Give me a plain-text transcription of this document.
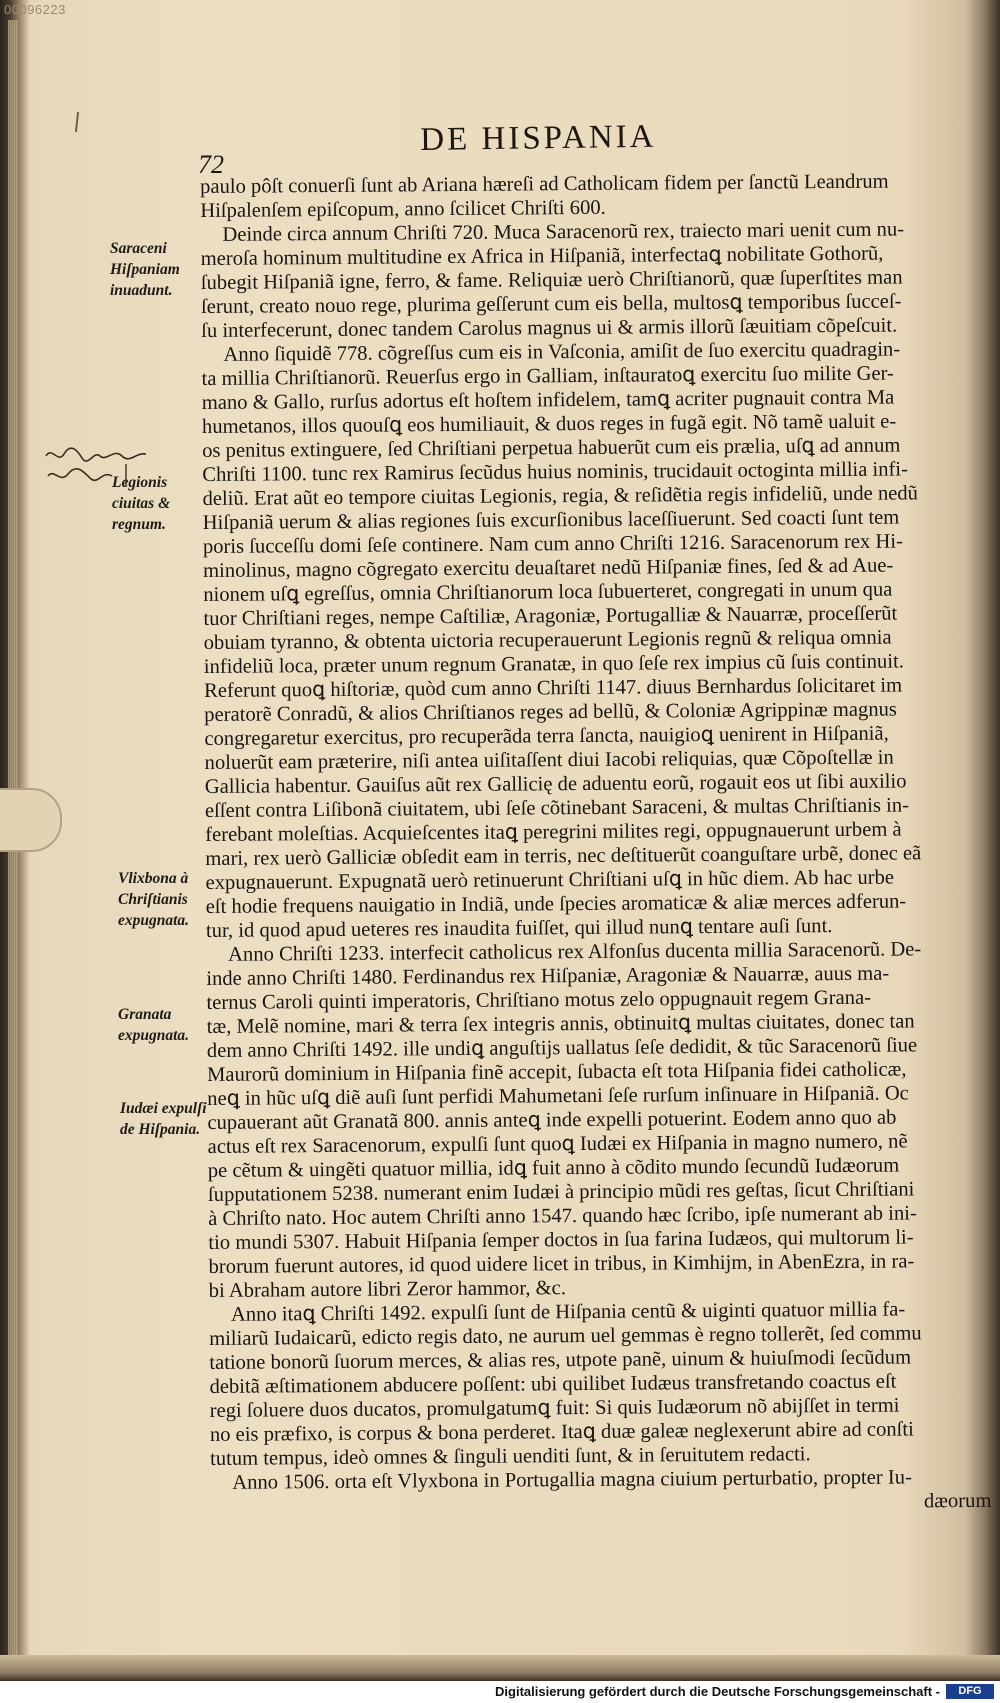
00096223
DE HISPANIA
72
paulo pôſt conuerſi ſunt ab Ariana hæreſi ad Catholicam fidem per ſanctũ Leandrum
Hiſpalenſem epiſcopum, anno ſcilicet Chriſti 600.
Deinde circa annum Chriſti 720. Muca Saracenorũ rex, traiecto mari uenit cum nu-
meroſa hominum multitudine ex Africa in Hiſpaniã, interfectaꝗ nobilitate Gothorũ,
ſubegit Hiſpaniã igne, ferro, & fame. Reliquiæ uerò Chriſtianorũ, quæ ſuperſtites man
ſerunt, creato nouo rege, plurima geſſerunt cum eis bella, multosꝗ temporibus ſucceſ-
ſu interfecerunt, donec tandem Carolus magnus ui & armis illorũ ſæuitiam cõpeſcuit.
Anno ſiquidẽ 778. cõgreſſus cum eis in Vaſconia, amiſit de ſuo exercitu quadragin-
ta millia Chriſtianorũ. Reuerſus ergo in Galliam, inſtauratoꝗ exercitu ſuo milite Ger-
mano & Gallo, rurſus adortus eſt hoſtem infidelem, tamꝗ acriter pugnauit contra Ma
humetanos, illos quouſꝗ eos humiliauit, & duos reges in fugã egit. Nõ tamẽ ualuit e-
os penitus extinguere, ſed Chriſtiani perpetua habuerũt cum eis prælia, uſꝗ ad annum
Chriſti 1100. tunc rex Ramirus ſecũdus huius nominis, trucidauit octoginta millia infi-
deliũ. Erat aũt eo tempore ciuitas Legionis, regia, & reſidẽtia regis infideliũ, unde nedũ
Hiſpaniã uerum & alias regiones ſuis excurſionibus laceſſiuerunt. Sed coacti ſunt tem
poris ſucceſſu domi ſeſe continere. Nam cum anno Chriſti 1216. Saracenorum rex Hi-
minolinus, magno cõgregato exercitu deuaſtaret nedũ Hiſpaniæ fines, ſed & ad Aue-
nionem uſꝗ egreſſus, omnia Chriſtianorum loca ſubuerteret, congregati in unum qua
tuor Chriſtiani reges, nempe Caſtiliæ, Aragoniæ, Portugalliæ & Nauarræ, proceſſerũt
obuiam tyranno, & obtenta uictoria recuperauerunt Legionis regnũ & reliqua omnia
infideliũ loca, præter unum regnum Granatæ, in quo ſeſe rex impius cũ ſuis continuit.
Referunt quoꝗ hiſtoriæ, quòd cum anno Chriſti 1147. diuus Bernhardus ſolicitaret im
peratorẽ Conradũ, & alios Chriſtianos reges ad bellũ, & Coloniæ Agrippinæ magnus
congregaretur exercitus, pro recuperãda terra ſancta, nauigioꝗ uenirent in Hiſpaniã,
noluerũt eam præterire, niſi antea uiſitaſſent diui Iacobi reliquias, quæ Cõpoſtellæ in
Gallicia habentur. Gauiſus aũt rex Gallicię de aduentu eorũ, rogauit eos ut ſibi auxilio
eſſent contra Liſibonã ciuitatem, ubi ſeſe cõtinebant Saraceni, & multas Chriſtianis in-
ferebant moleſtias. Acquieſcentes itaꝗ peregrini milites regi, oppugnauerunt urbem à
mari, rex uerò Galliciæ obſedit eam in terris, nec deſtituerũt coanguſtare urbẽ, donec eã
expugnauerunt. Expugnatã uerò retinuerunt Chriſtiani uſꝗ in hũc diem. Ab hac urbe
eſt hodie frequens nauigatio in Indiã, unde ſpecies aromaticæ & aliæ merces adferun-
tur, id quod apud ueteres res inaudita fuiſſet, qui illud nunꝗ tentare auſi ſunt.
Anno Chriſti 1233. interfecit catholicus rex Alfonſus ducenta millia Saracenorũ. De-
inde anno Chriſti 1480. Ferdinandus rex Hiſpaniæ, Aragoniæ & Nauarræ, auus ma-
ternus Caroli quinti imperatoris, Chriſtiano motus zelo oppugnauit regem Grana-
tæ, Melẽ nomine, mari & terra ſex integris annis, obtinuitꝗ multas ciuitates, donec tan
dem anno Chriſti 1492. ille undiꝗ anguſtijs uallatus ſeſe dedidit, & tũc Saracenorũ ſiue
Maurorũ dominium in Hiſpania finẽ accepit, ſubacta eſt tota Hiſpania fidei catholicæ,
neꝗ in hũc uſꝗ diẽ auſi ſunt perfidi Mahumetani ſeſe rurſum inſinuare in Hiſpaniã. Oc
cupauerant aũt Granatã 800. annis anteꝗ inde expelli potuerint. Eodem anno quo ab
actus eſt rex Saracenorum, expulſi ſunt quoꝗ Iudæi ex Hiſpania in magno numero, nẽ
pe cẽtum & uingẽti quatuor millia, idꝗ fuit anno à cõdito mundo ſecundũ Iudæorum
ſupputationem 5238. numerant enim Iudæi à principio mũdi res geſtas, ſicut Chriſtiani
à Chriſto nato. Hoc autem Chriſti anno 1547. quando hæc ſcribo, ipſe numerant ab ini-
tio mundi 5307. Habuit Hiſpania ſemper doctos in ſua farina Iudæos, qui multorum li-
brorum fuerunt autores, id quod uidere licet in tribus, in Kimhijm, in AbenEzra, in ra-
bi Abraham autore libri Zeror hammor, &c.
Anno itaꝗ Chriſti 1492. expulſi ſunt de Hiſpania centũ & uiginti quatuor millia fa-
miliarũ Iudaicarũ, edicto regis dato, ne aurum uel gemmas è regno tollerẽt, ſed commu
tatione bonorũ ſuorum merces, & alias res, utpote panẽ, uinum & huiuſmodi ſecũdum
debitã æſtimationem abducere poſſent: ubi quilibet Iudæus transfretando coactus eſt
regi ſoluere duos ducatos, promulgatumꝗ fuit: Si quis Iudæorum nõ abijſſet in termi
no eis præfixo, is corpus & bona perderet. Itaꝗ duæ galeæ neglexerunt abire ad conſti
tutum tempus, ideò omnes & ſinguli uenditi ſunt, & in ſeruitutem redacti.
Anno 1506. orta eſt Vlyxbona in Portugallia magna ciuium perturbatio, propter Iu-
dæorum
Saraceni Hiſpaniam inuadunt.
Legionis ciuitas & regnum.
Vlixbona à Chriſtianis expugnata.
Granata expugnata.
Iudæi expulſi de Hiſpania.
Digitalisierung gefördert durch die Deutsche Forschungsgemeinschaft -	DFG
